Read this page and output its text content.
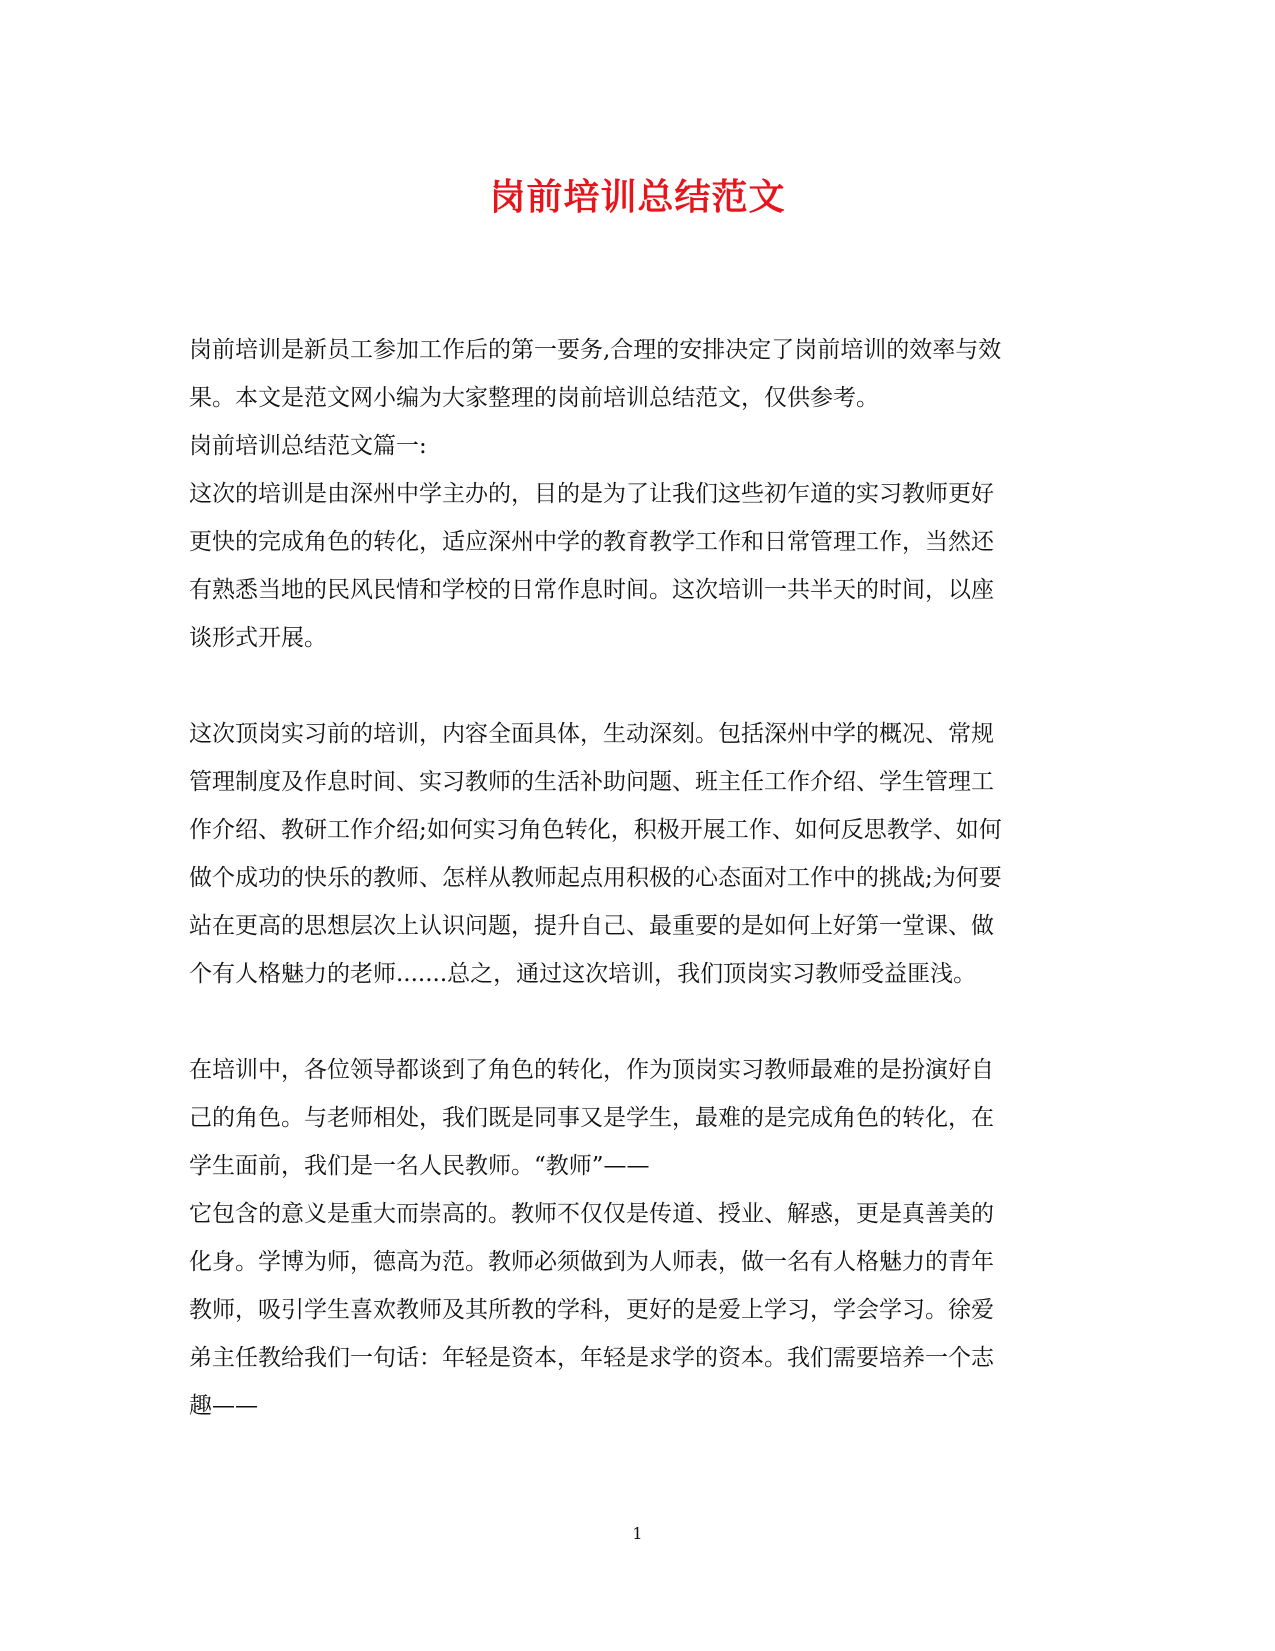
岗前培训总结范文
岗前培训是新员工参加工作后的第一要务,合理的安排决定了岗前培训的效率与效
果。本文是范文网小编为大家整理的岗前培训总结范文，仅供参考。
岗前培训总结范文篇一:
这次的培训是由深州中学主办的，目的是为了让我们这些初乍道的实习教师更好
更快的完成角色的转化，适应深州中学的教育教学工作和日常管理工作，当然还
有熟悉当地的民风民情和学校的日常作息时间。这次培训一共半天的时间，以座
谈形式开展。
这次顶岗实习前的培训，内容全面具体，生动深刻。包括深州中学的概况、常规
管理制度及作息时间、实习教师的生活补助问题、班主任工作介绍、学生管理工
作介绍、教研工作介绍;如何实习角色转化，积极开展工作、如何反思教学、如何
做个成功的快乐的教师、怎样从教师起点用积极的心态面对工作中的挑战;为何要
站在更高的思想层次上认识问题，提升自己、最重要的是如何上好第一堂课、做
个有人格魅力的老师.......总之，通过这次培训，我们顶岗实习教师受益匪浅。
在培训中，各位领导都谈到了角色的转化，作为顶岗实习教师最难的是扮演好自
己的角色。与老师相处，我们既是同事又是学生，最难的是完成角色的转化，在
学生面前，我们是一名人民教师。“教师”——
它包含的意义是重大而崇高的。教师不仅仅是传道、授业、解惑，更是真善美的
化身。学博为师，德高为范。教师必须做到为人师表，做一名有人格魅力的青年
教师，吸引学生喜欢教师及其所教的学科，更好的是爱上学习，学会学习。徐爱
弟主任教给我们一句话：年轻是资本，年轻是求学的资本。我们需要培养一个志
趣——
1
